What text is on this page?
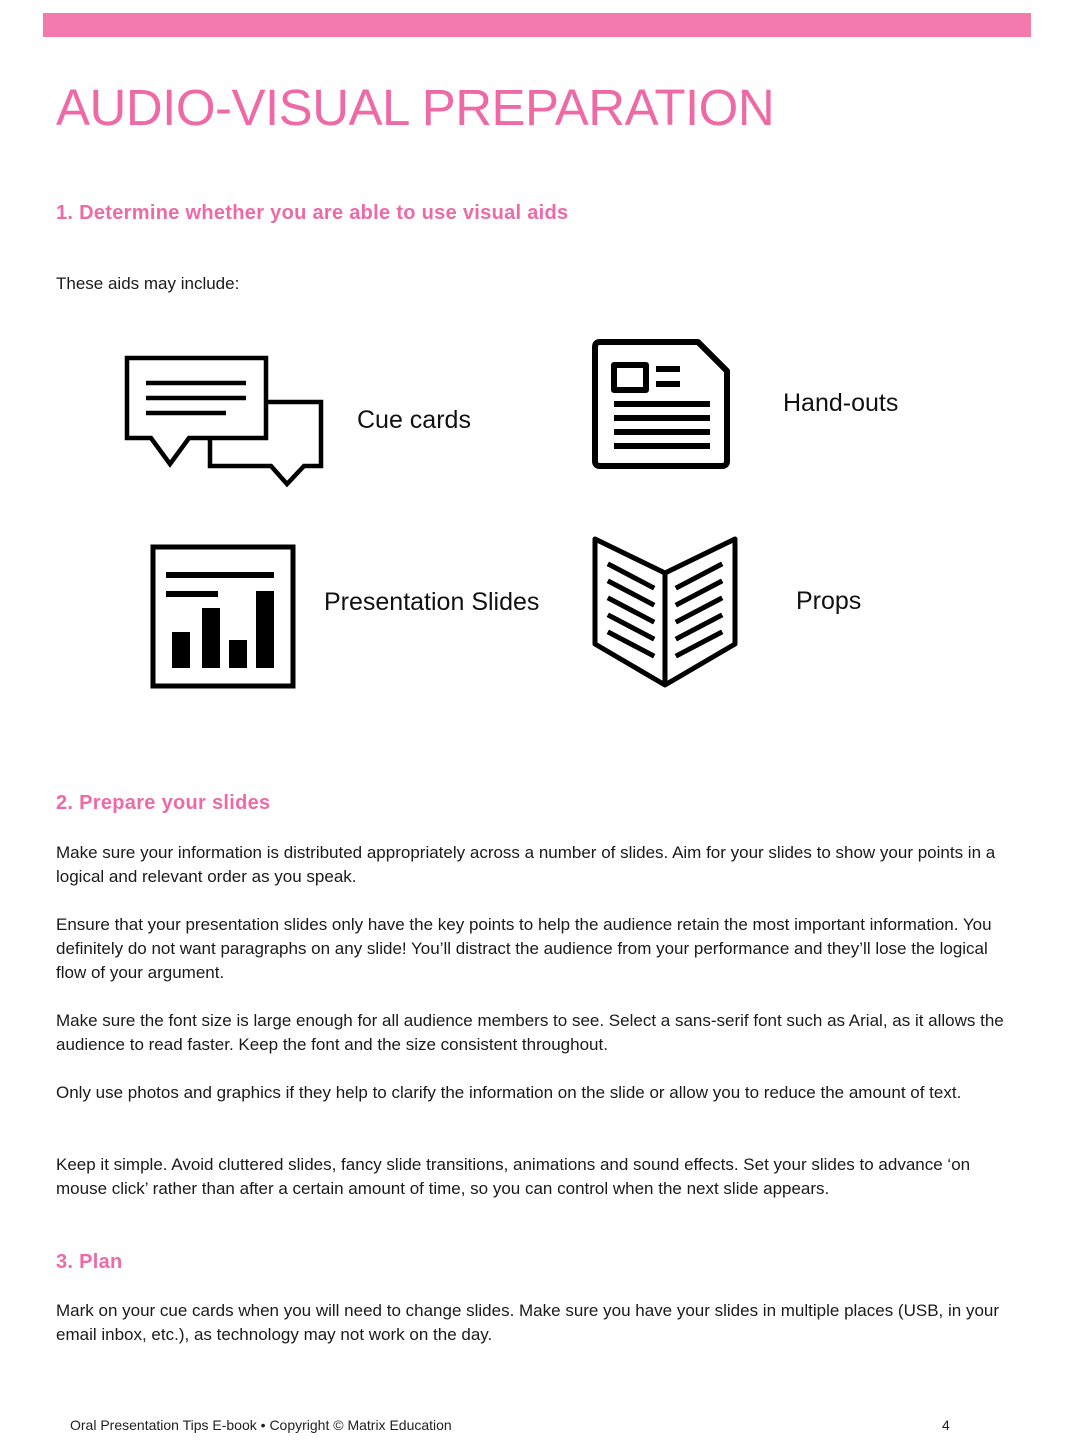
AUDIO-VISUAL PREPARATION
1. Determine whether you are able to use visual aids

These aids may include:

Cue cards
Hand-outs
Presentation Slides	Props
2. Prepare your slides

Make sure your information is distributed appropriately across a number of slides. Aim for your slides to show your points in a logical and relevant order as you speak.

Ensure that your presentation slides only have the key points to help the audience retain the most important information. You definitely do not want paragraphs on any slide! You’ll distract the audience from your performance and they’ll lose the logical flow of your argument.

Make sure the font size is large enough for all audience members to see. Select a sans-serif font such as Arial, as it allows the audience to read faster. Keep the font and the size consistent throughout.

Only use photos and graphics if they help to clarify the information on the slide or allow you to reduce the amount of text.

Keep it simple. Avoid cluttered slides, fancy slide transitions, animations and sound effects. Set your slides to advance ‘on mouse click’ rather than after a certain amount of time, so you can control when the next slide appears.

3. Plan

Mark on your cue cards when you will need to change slides. Make sure you have your slides in multiple places (USB, in your email inbox, etc.), as technology may not work on the day.

Oral Presentation Tips E-book • Copyright © Matrix Education	4
